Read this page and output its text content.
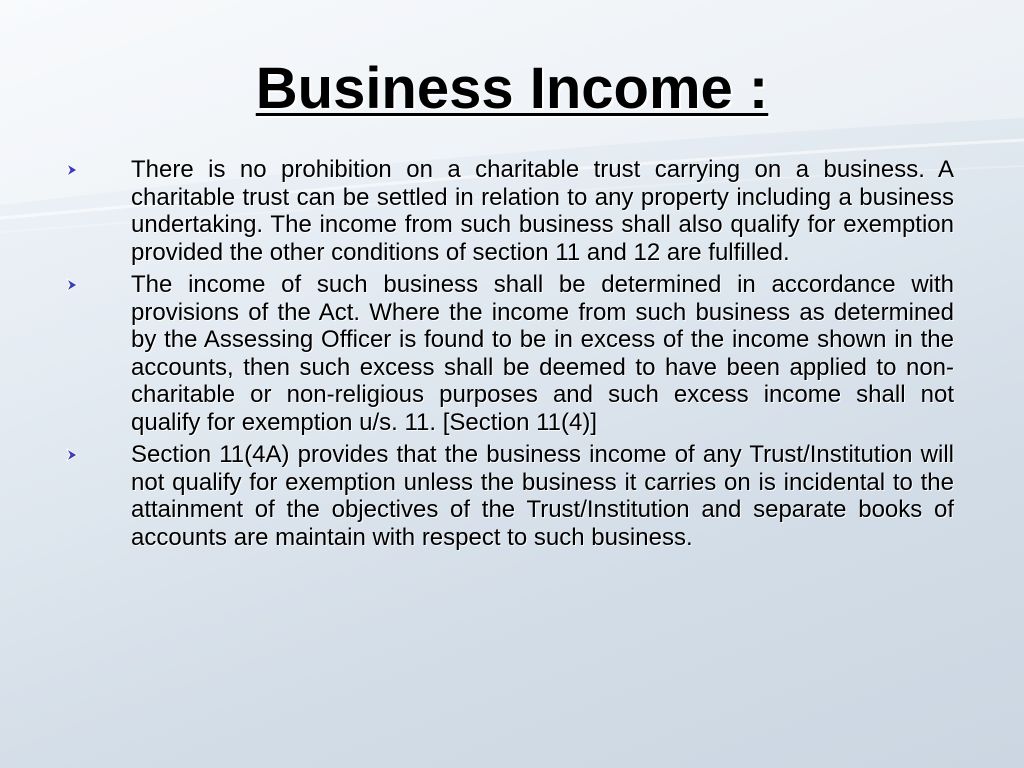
Business Income :
There is no prohibition on a charitable trust carrying on a business. A charitable trust can be settled in relation to any property including a business undertaking. The income from such business shall also qualify for exemption provided the other conditions of section 11 and 12 are fulfilled.
The income of such business shall be determined in accordance with provisions of the Act. Where the income from such business as determined by the Assessing Officer is found to be in excess of the income shown in the accounts, then such excess shall be deemed to have been applied to non-charitable or non-religious purposes and such excess income shall not qualify for exemption u/s. 11. [Section 11(4)]
Section 11(4A) provides that the business income of any Trust/Institution will not qualify for exemption unless the business it carries on is incidental to the attainment of the objectives of the Trust/Institution and separate books of accounts are maintain with respect to such business.
